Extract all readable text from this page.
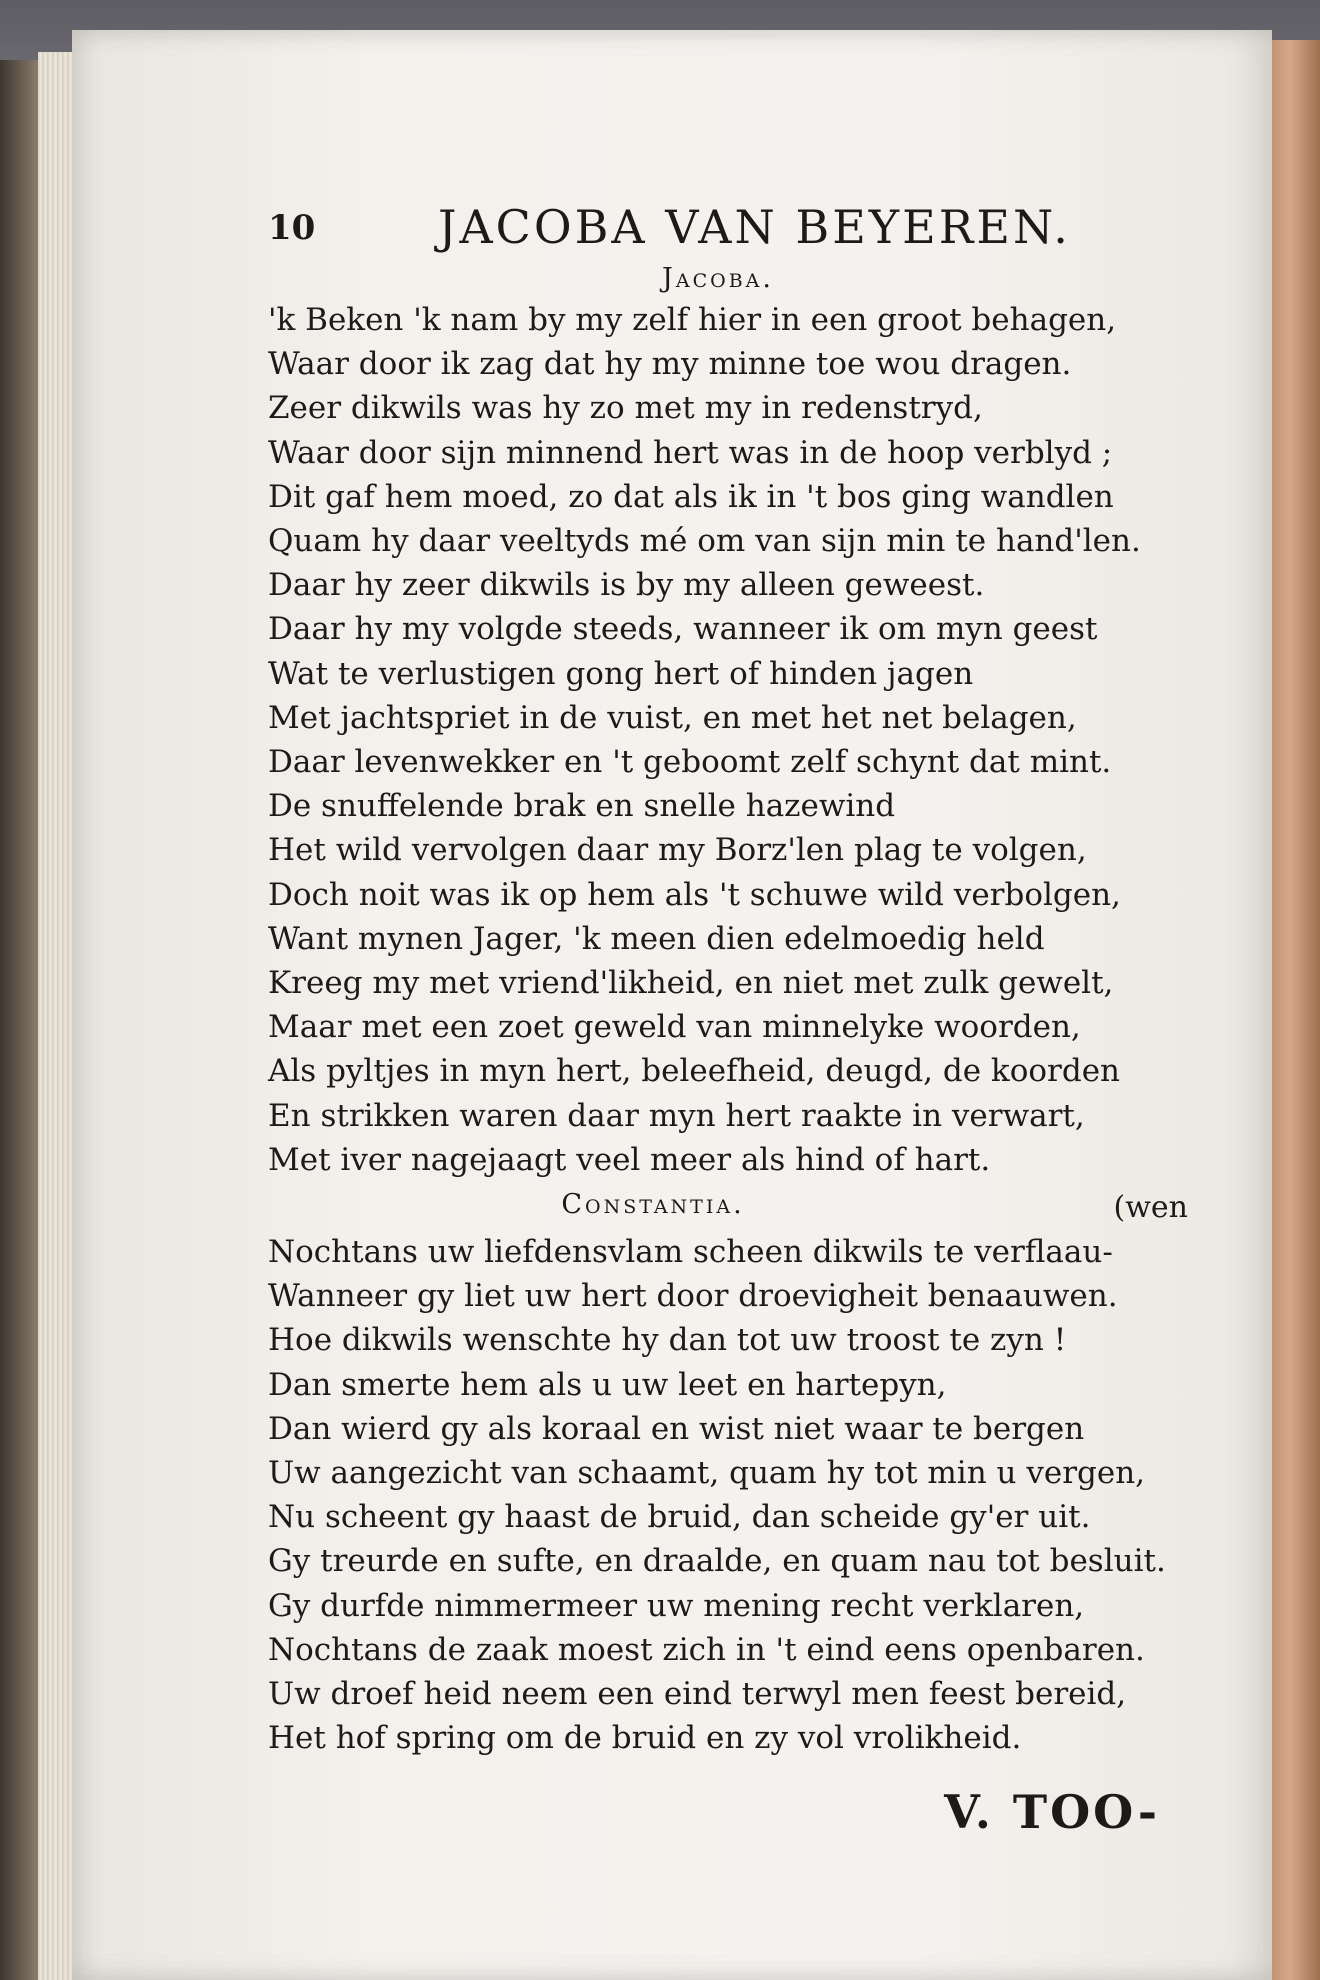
10	JACOBA VAN BEYEREN.
Jacoba.
'k Beken 'k nam by my zelf hier in een groot behagen,
Waar door ik zag dat hy my minne toe wou dragen.
Zeer dikwils was hy zo met my in redenstryd,
Waar door sijn minnend hert was in de hoop verblyd ;
Dit gaf hem moed, zo dat als ik in 't bos ging wandlen
Quam hy daar veeltyds mé om van sijn min te hand'len.
Daar hy zeer dikwils is by my alleen geweest.
Daar hy my volgde steeds, wanneer ik om myn geest
Wat te verlustigen gong hert of hinden jagen
Met jachtspriet in de vuist, en met het net belagen,
Daar levenwekker en 't geboomt zelf schynt dat mint.
De snuffelende brak en snelle hazewind
Het wild vervolgen daar my Borz'len plag te volgen,
Doch noit was ik op hem als 't schuwe wild verbolgen,
Want mynen Jager, 'k meen dien edelmoedig held
Kreeg my met vriend'likheid, en niet met zulk gewelt,
Maar met een zoet geweld van minnelyke woorden,
Als pyltjes in myn hert, beleefheid, deugd, de koorden
En strikken waren daar myn hert raakte in verwart,
Met iver nagejaagt veel meer als hind of hart.
Constantia.	(wen
Nochtans uw liefdensvlam scheen dikwils te verflaau-
Wanneer gy liet uw hert door droevigheit benaauwen.
Hoe dikwils wenschte hy dan tot uw troost te zyn !
Dan smerte hem als u uw leet en hartepyn,
Dan wierd gy als koraal en wist niet waar te bergen
Uw aangezicht van schaamt, quam hy tot min u vergen,
Nu scheent gy haast de bruid, dan scheide gy'er uit.
Gy treurde en sufte, en draalde, en quam nau tot besluit.
Gy durfde nimmermeer uw mening recht verklaren,
Nochtans de zaak moest zich in 't eind eens openbaren.
Uw droef heid neem een eind terwyl men feest bereid,
Het hof spring om de bruid en zy vol vrolikheid.
V. TOO-
